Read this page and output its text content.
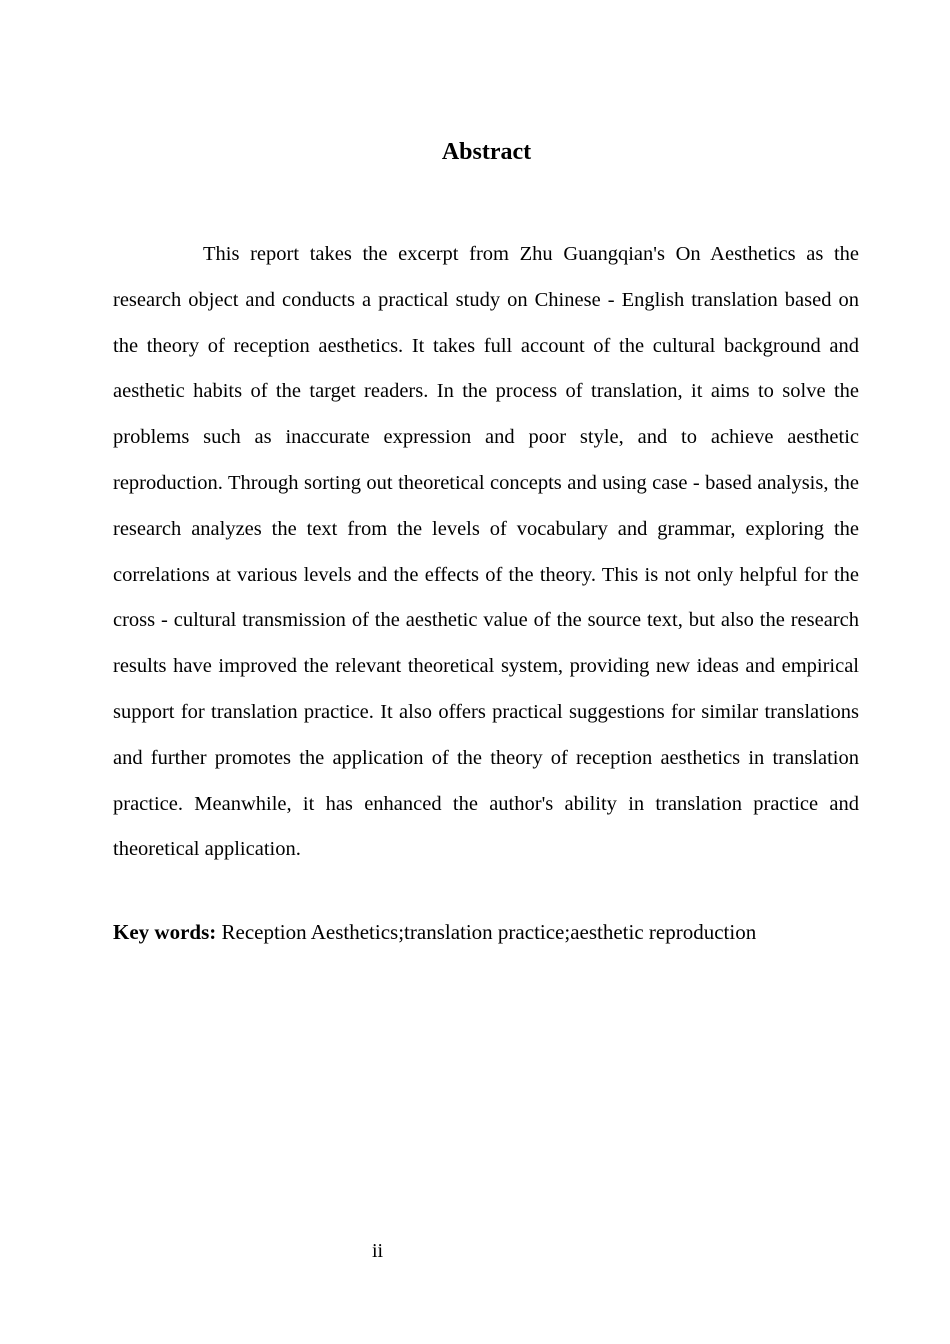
Abstract

This report takes the excerpt from Zhu Guangqian's On Aesthetics as the research object and conducts a practical study on Chinese - English translation based on the theory of reception aesthetics. It takes full account of the cultural background and aesthetic habits of the target readers. In the process of translation, it aims to solve the problems such as inaccurate expression and poor style, and to achieve aesthetic reproduction. Through sorting out theoretical concepts and using case - based analysis, the research analyzes the text from the levels of vocabulary and grammar, exploring the correlations at various levels and the effects of the theory. This is not only helpful for the cross - cultural transmission of the aesthetic value of the source text, but also the research results have improved the relevant theoretical system, providing new ideas and empirical support for translation practice. It also offers practical suggestions for similar translations and further promotes the application of the theory of reception aesthetics in translation practice. Meanwhile, it has enhanced the author's ability in translation practice and theoretical application.

Key words: Reception Aesthetics;translation practice;aesthetic reproduction

ii
